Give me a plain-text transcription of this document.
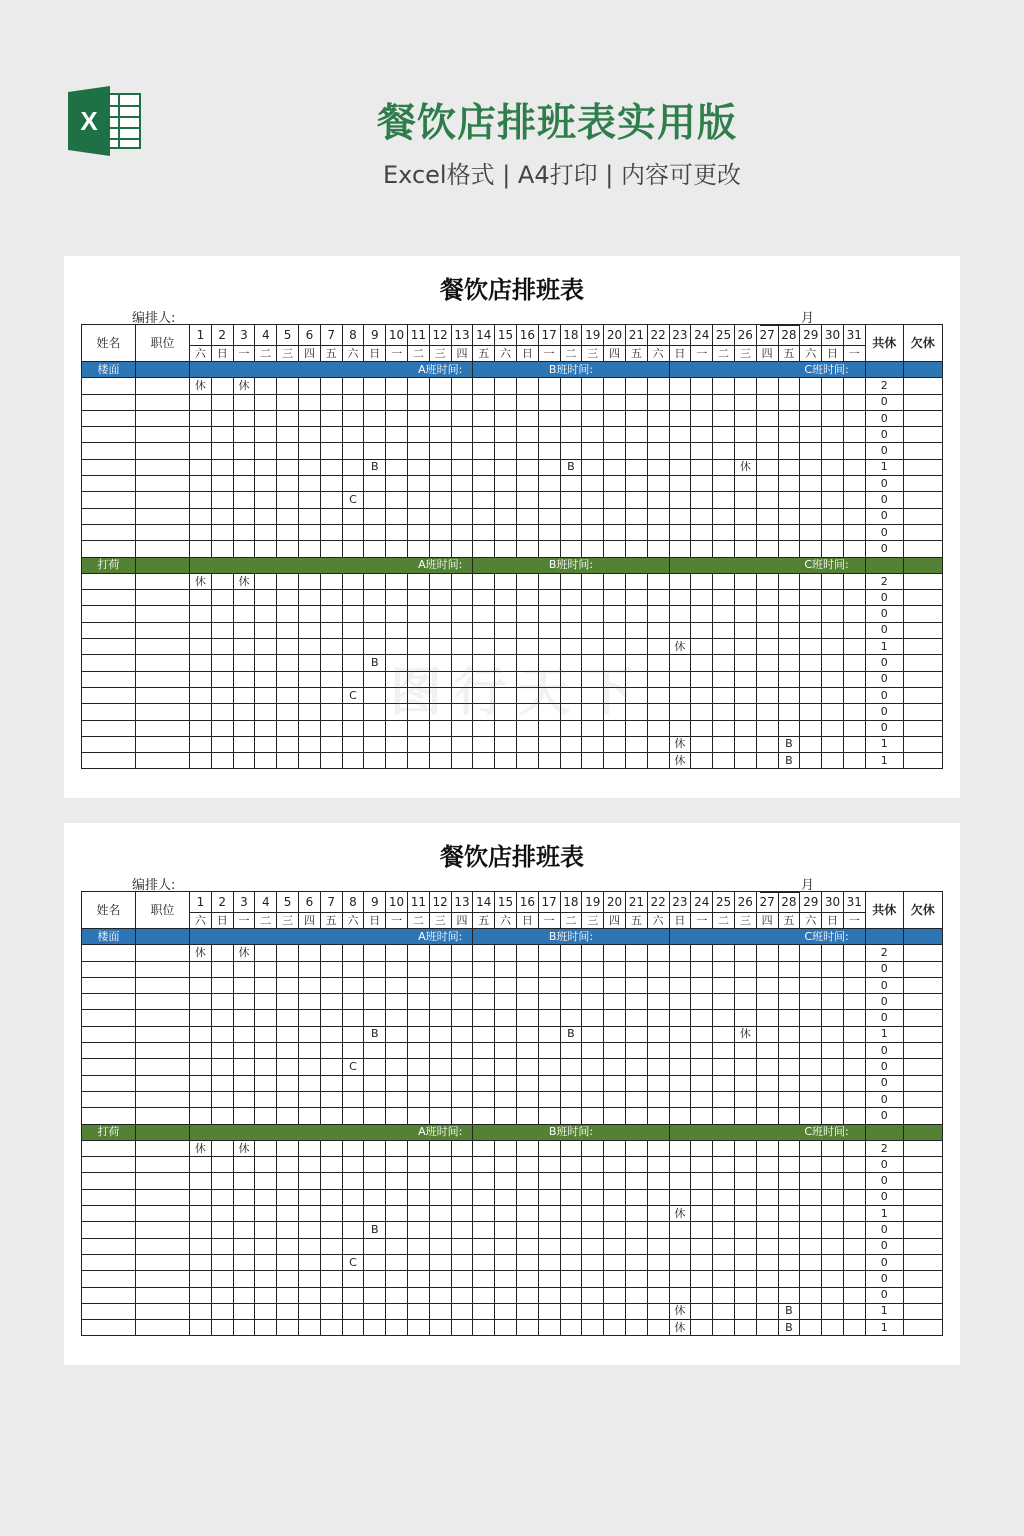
X	餐饮店排班表实用版
Excel格式 | A4打印 | 内容可更改
餐饮店排班表
编排人:	月
姓名	职位	1	2	3	4	5	6	7	8	9	10	11	12	13	14	15	16	17	18	19	20	21	22	23	24	25	26	27	28	29	30	31	共休	欠休
		六	日	一	二	三	四	五	六	日	一	二	三	四	五	六	日	一	二	三	四	五	六	日	一	二	三	四	五	六	日	一		
楼面		A班时间:													B班时间:									C班时间:										
		休		休																													2	
																																	0	
																																	0	
																																	0	
																																	0	
										B									B								休						1	
																																	0	
									C																								0	
																																	0	
																																	0	
																																	0	
打荷		A班时间:													B班时间:									C班时间:										
		休		休																													2	
																																	0	
																																	0	
																																	0	
																								休									1	
										B																							0	
																																	0	
									C																								0	
																																	0	
																																	0	
																								休					B				1	
																								休					B				1	
餐饮店排班表
编排人:	月
姓名	职位	1	2	3	4	5	6	7	8	9	10	11	12	13	14	15	16	17	18	19	20	21	22	23	24	25	26	27	28	29	30	31	共休	欠休
		六	日	一	二	三	四	五	六	日	一	二	三	四	五	六	日	一	二	三	四	五	六	日	一	二	三	四	五	六	日	一		
楼面		A班时间:													B班时间:									C班时间:										
		休		休																													2	
																																	0	
																																	0	
																																	0	
																																	0	
										B									B								休						1	
																																	0	
									C																								0	
																																	0	
																																	0	
																																	0	
打荷		A班时间:													B班时间:									C班时间:										
		休		休																													2	
																																	0	
																																	0	
																																	0	
																								休									1	
										B																							0	
																																	0	
									C																								0	
																																	0	
																																	0	
																								休					B				1	
																								休					B				1	
